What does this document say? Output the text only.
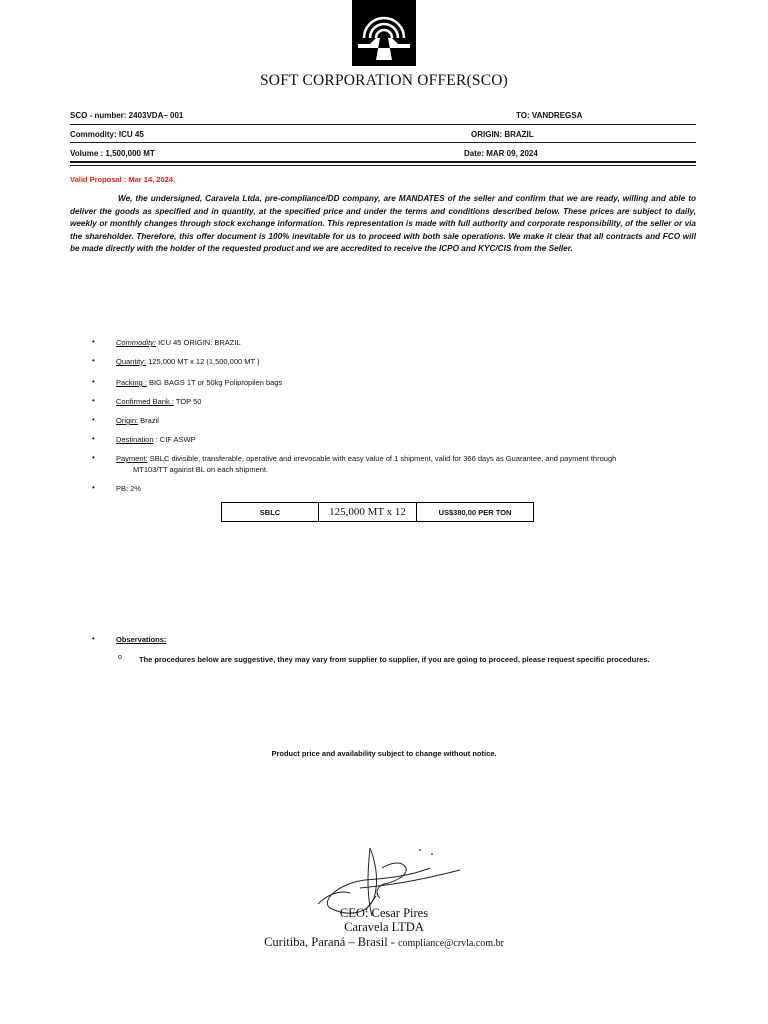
SOFT CORPORATION OFFER(SCO)
SCO - number: 2403VDA– 001	TO: VANDREGSA
Commodity: ICU 45	ORIGIN: BRAZIL
Volume : 1,500,000 MT	Date: MAR 09, 2024
Valid Proposal : Mar 14, 2024.
We, the undersigned, Caravela Ltda, pre-compliance/DD company, are MANDATES of the seller and confirm that we are ready, willing and able to deliver the goods as specified and in quantity, at the specified price and under the terms and conditions described below. These prices are subject to daily, weekly or monthly changes through stock exchange information. This representation is made with full authority and corporate responsibility, of the seller or via the shareholder. Therefore, this offer document is 100% inevitable for us to proceed with both sale operations. We make it clear that all contracts and FCO will be made directly with the holder of the requested product and we are accredited to receive the ICPO and KYC/CIS from the Seller.
•	Commodity: ICU 45 ORIGIN: BRAZIL
•	Quantity: 125,000 MT x 12 (1,500,000 MT )
•	Packing : BIG BAGS 1T or 50kg Polipropilen bags
•	Confirmed Bank : TOP 50
•	Origin: Brazil
•	Destination : CIF ASWP
•	Payment: SBLC divisible, transferable, operative and irrevocable with easy value of 1 shipment, valid for 366 days as Guarantee, and payment through
MT103/TT against BL on each shipment.
•	PB: 2%
SBLC	125,000 MT x 12	US$380,00 PER TON
•	Observations:
o The procedures below are suggestive, they may vary from supplier to supplier, if you are going to proceed, please request specific procedures.
Product price and availability subject to change without notice.
CEO: Cesar Pires
Caravela LTDA
Curitiba, Paraná – Brasil - compliance@crvla.com.br
